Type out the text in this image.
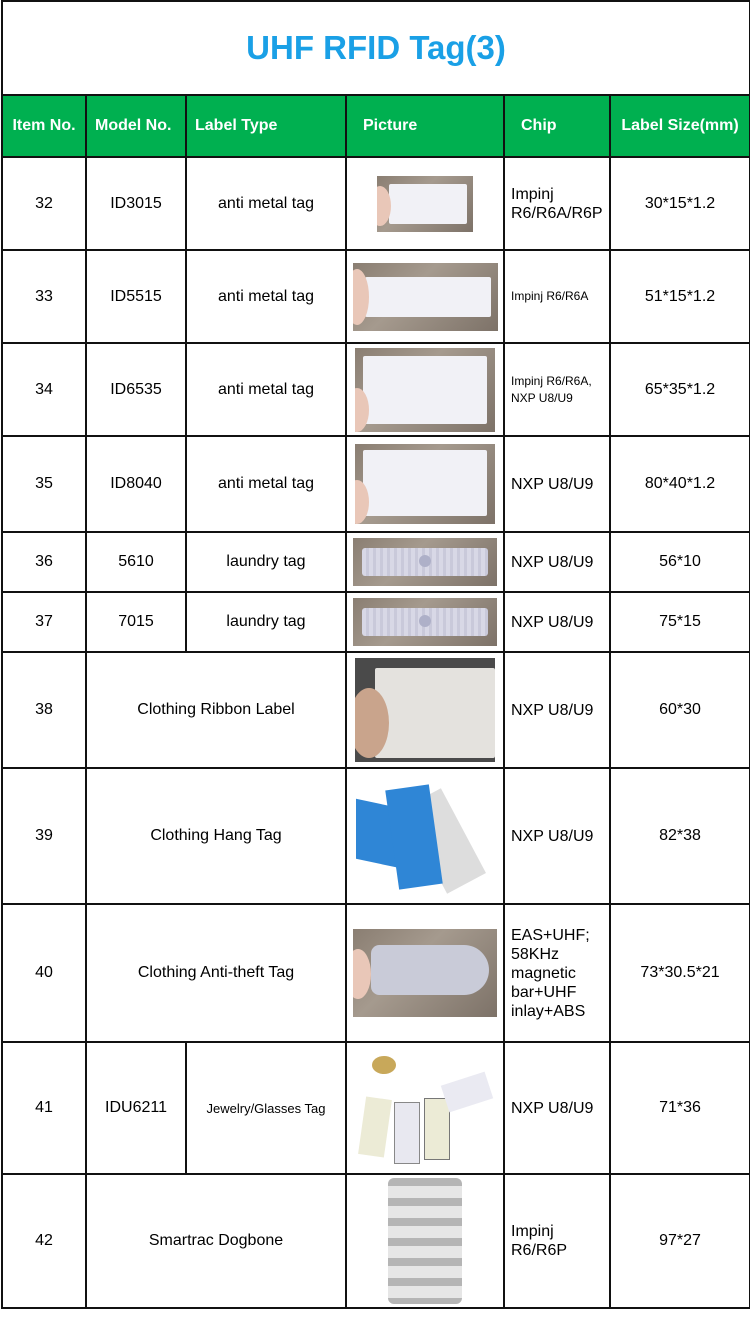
UHF RFID Tag(3)					
Item No.	Model No.	Label Type	Picture	Chip	Label Size(mm)
32	ID3015	anti metal tag		Impinj R6/R6A/R6P	30*15*1.2
33	ID5515	anti metal tag		Impinj R6/R6A	51*15*1.2
34	ID6535	anti metal tag		Impinj R6/R6A, NXP U8/U9	65*35*1.2
35	ID8040	anti metal tag		NXP U8/U9	80*40*1.2
36	5610	laundry tag		NXP U8/U9	56*10
37	7015	laundry tag		NXP U8/U9	75*15
38	Clothing Ribbon Label			NXP U8/U9	60*30
39	Clothing Hang Tag			NXP U8/U9	82*38
40	Clothing Anti-theft Tag			EAS+UHF; 58KHz magnetic bar+UHF inlay+ABS	73*30.5*21
41	IDU6211	Jewelry/Glasses Tag		NXP U8/U9	71*36
42	Smartrac Dogbone			Impinj R6/R6P	97*27
